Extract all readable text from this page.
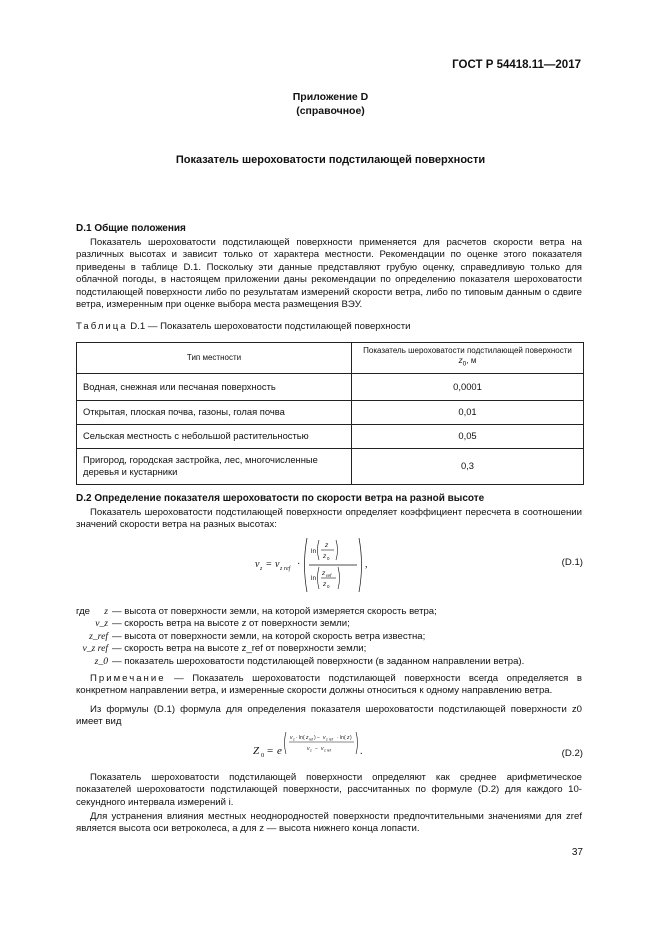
ГОСТ Р 54418.11—2017
Приложение D
(справочное)
Показатель шероховатости подстилающей поверхности
D.1 Общие положения
Показатель шероховатости подстилающей поверхности применяется для расчетов скорости ветра на различных высотах и зависит только от характера местности. Рекомендации по оценке этого показателя приведены в таблице D.1. Поскольку эти данные представляют грубую оценку, справедливую только для облачной погоды, в настоящем приложении даны рекомендации по определению показателя шероховатости подстилающей поверхности либо по результатам измерений скорости ветра, либо по типовым данным о сдвиге ветра, измеренным при оценке выбора места размещения ВЭУ.
Таблица D.1 — Показатель шероховатости подстилающей поверхности
Тип местности	Показатель шероховатости подстилающей поверхности $z_0$, м
Водная, снежная или песчаная поверхность	0,0001
Открытая, плоская почва, газоны, голая почва	0,01
Сельская местность с небольшой растительностью	0,05
Пригород, городская застройка, лес, многочисленные деревья и кустарники	0,3
D.2 Определение показателя шероховатости по скорости ветра на разной высоте
Показатель шероховатости подстилающей поверхности определяет коэффициент пересчета в соотношении значений скорости ветра на разных высотах:
v z = v z ref ·
ln
z
z 0
ln
z ref
z 0
,	(D.1)
где	z — высота от поверхности земли, на которой измеряется скорость ветра;
v_z — скорость ветра на высоте z от поверхности земли;
z_ref — высота от поверхности земли, на которой скорость ветра известна;
v_z ref — скорость ветра на высоте z_ref от поверхности земли;
z_0 — показатель шероховатости подстилающей поверхности (в заданном направлении ветра).
Примечание — Показатель шероховатости подстилающей поверхности всегда определяется в конкретном направлении ветра, и измеренные скорости должны относиться к одному направлению ветра.
Из формулы (D.1) формула для определения показателя шероховатости подстилающей поверхности z0 имеет вид
Z 0 = e
v z · ln( z ref ) − v z ref · ln( z )
v z − v z ref	.	(D.2)
Показатель шероховатости подстилающей поверхности определяют как среднее арифметическое показателей шероховатости подстилающей поверхности, рассчитанных по формуле (D.2) для каждого 10-секундного интервала измерений i.
Для устранения влияния местных неоднородностей поверхности предпочтительными значениями для zref является высота оси ветроколеса, а для z — высота нижнего конца лопасти.
37
